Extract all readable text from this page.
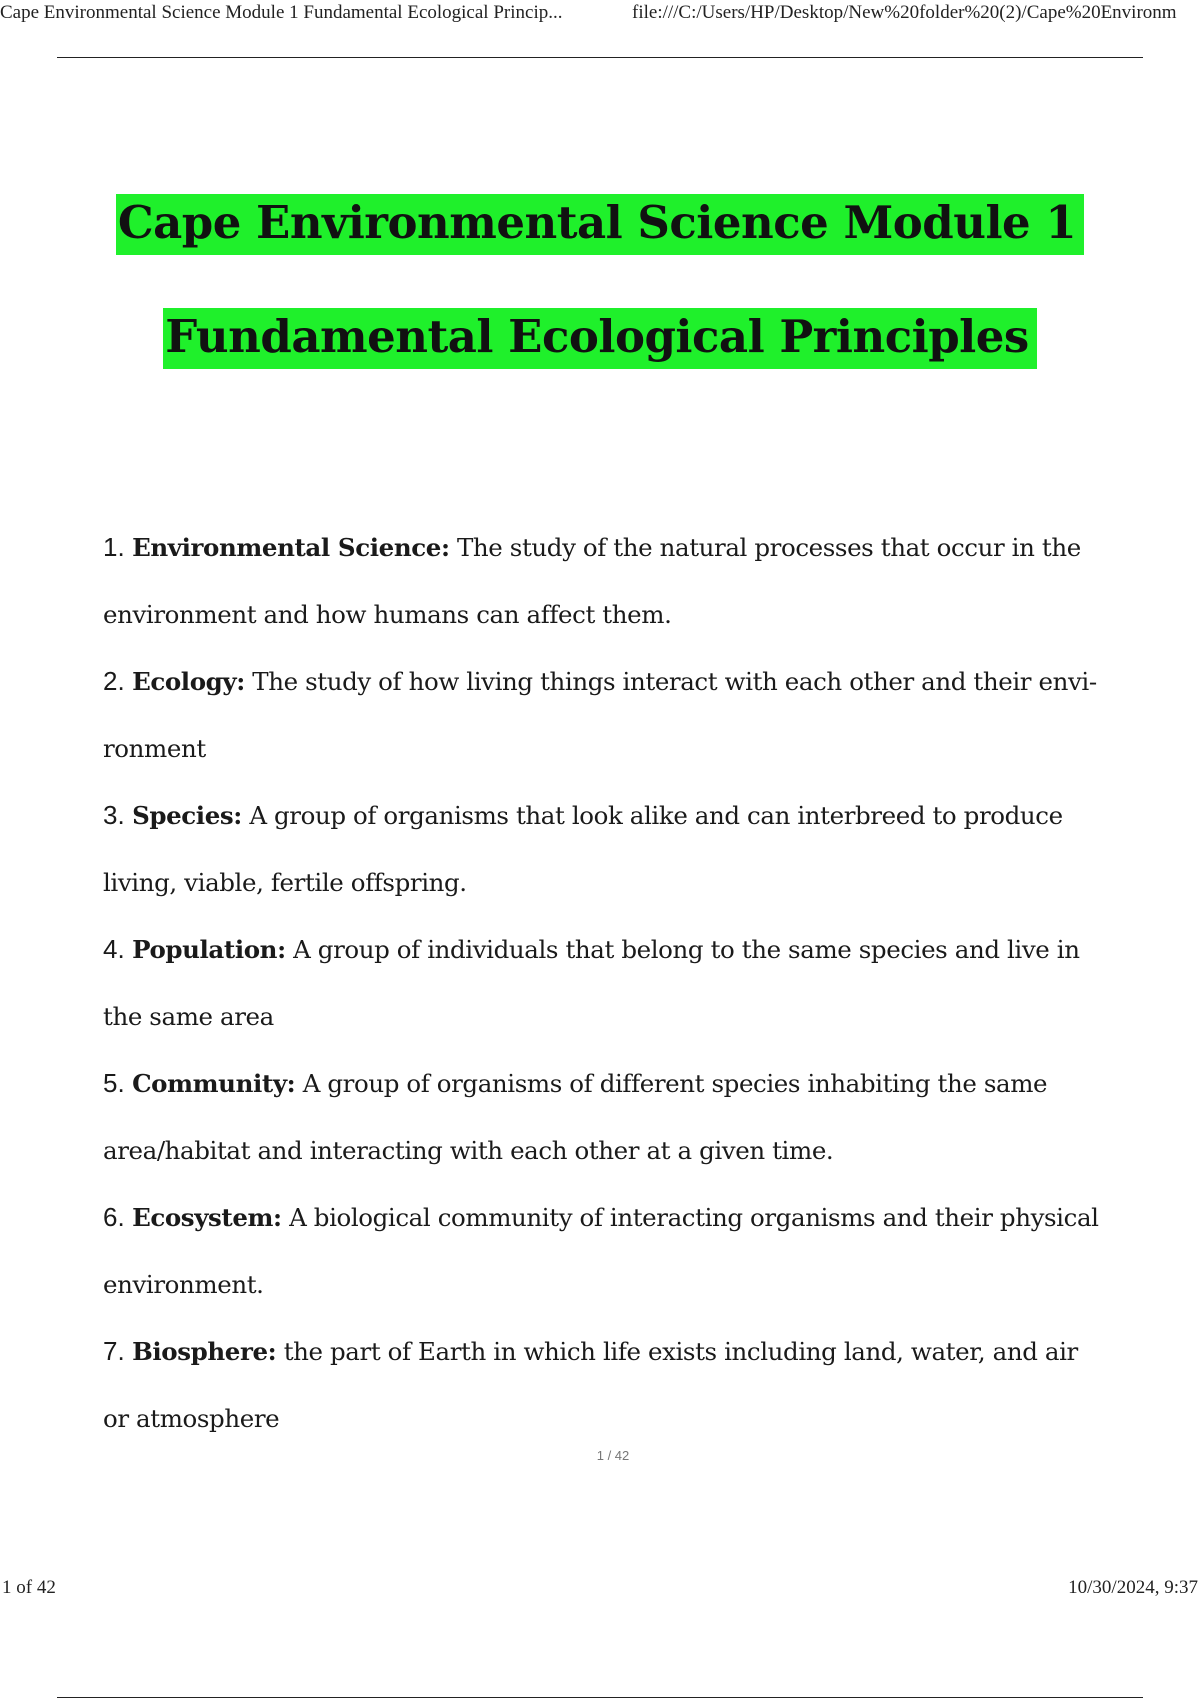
Cape Environmental Science Module 1 Fundamental Ecological Princip...	file:///C:/Users/HP/Desktop/New%20folder%20(2)/Cape%20Environm
Cape Environmental Science Module 1
Fundamental Ecological Principles
1. Environmental Science: The study of the natural processes that occur in the environment and how humans can affect them.
2. Ecology: The study of how living things interact with each other and their envi-ronment
3. Species: A group of organisms that look alike and can interbreed to produce living, viable, fertile offspring.
4. Population: A group of individuals that belong to the same species and live in the same area
5. Community: A group of organisms of different species inhabiting the same area/habitat and interacting with each other at a given time.
6. Ecosystem: A biological community of interacting organisms and their physical environment.
7. Biosphere: the part of Earth in which life exists including land, water, and air or atmosphere
1 / 42
1 of 42	10/30/2024, 9:37
